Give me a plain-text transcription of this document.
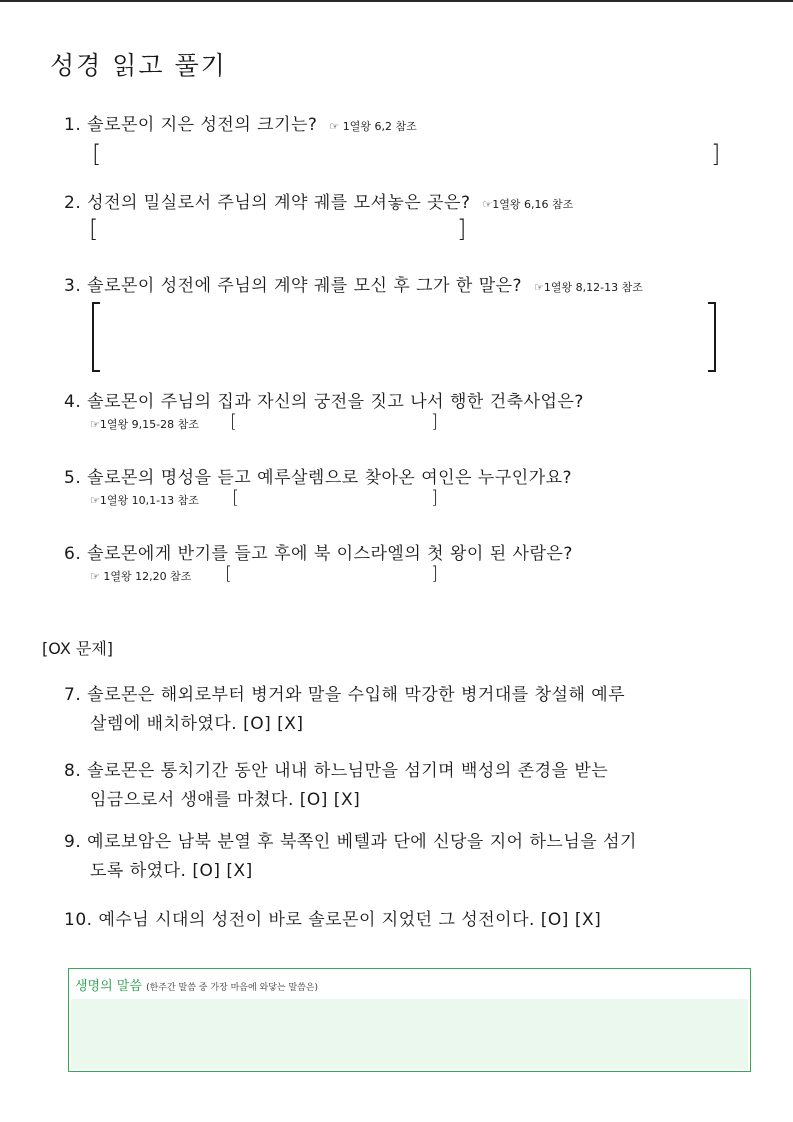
성경 읽고 풀기
1. 솔로몬이 지은 성전의 크기는? ☞ 1열왕 6,2 참조
[	]
2. 성전의 밀실로서 주님의 계약 궤를 모셔놓은 곳은? ☞1열왕 6,16 참조
[	]
3. 솔로몬이 성전에 주님의 계약 궤를 모신 후 그가 한 말은? ☞1열왕 8,12-13 참조
4. 솔로몬이 주님의 집과 자신의 궁전을 짓고 나서 행한 건축사업은?
☞1열왕 9,15-28 참조 [	]
5. 솔로몬의 명성을 듣고 예루살렘으로 찾아온 여인은 누구인가요?
☞1열왕 10,1-13 참조 [	]
6. 솔로몬에게 반기를 들고 후에 북 이스라엘의 첫 왕이 된 사람은?
☞ 1열왕 12,20 참조 [	]
[OX 문제]
7. 솔로몬은 해외로부터 병거와 말을 수입해 막강한 병거대를 창설해 예루
살렘에 배치하였다. [O] [X]
8. 솔로몬은 통치기간 동안 내내 하느님만을 섬기며 백성의 존경을 받는
임금으로서 생애를 마쳤다. [O] [X]
9. 예로보암은 남북 분열 후 북쪽인 베텔과 단에 신당을 지어 하느님을 섬기
도록 하였다. [O] [X]
10. 예수님 시대의 성전이 바로 솔로몬이 지었던 그 성전이다. [O] [X]
생명의 말씀 (한주간 말씀 중 가장 마음에 와닿는 말씀은)
